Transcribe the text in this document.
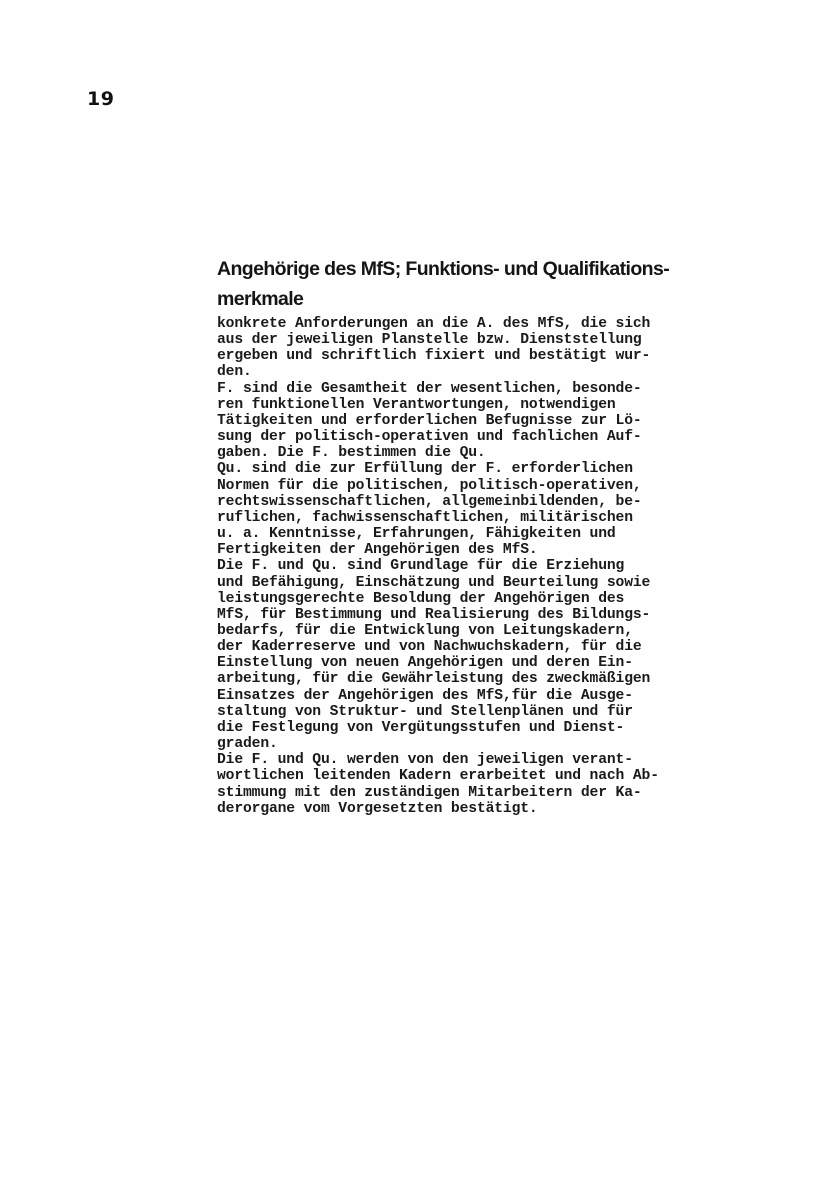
19
Angehörige des MfS; Funktions- und Qualifikations-
merkmale
konkrete Anforderungen an die A. des MfS, die sich
aus der jeweiligen Planstelle bzw. Dienststellung
ergeben und schriftlich fixiert und bestätigt wur-
den.
F. sind die Gesamtheit der wesentlichen, besonde-
ren funktionellen Verantwortungen, notwendigen
Tätigkeiten und erforderlichen Befugnisse zur Lö-
sung der politisch-operativen und fachlichen Auf-
gaben. Die F. bestimmen die Qu.
Qu. sind die zur Erfüllung der F. erforderlichen
Normen für die politischen, politisch-operativen,
rechtswissenschaftlichen, allgemeinbildenden, be-
ruflichen, fachwissenschaftlichen, militärischen
u. a. Kenntnisse, Erfahrungen, Fähigkeiten und
Fertigkeiten der Angehörigen des MfS.
Die F. und Qu. sind Grundlage für die Erziehung
und Befähigung, Einschätzung und Beurteilung sowie
leistungsgerechte Besoldung der Angehörigen des
MfS, für Bestimmung und Realisierung des Bildungs-
bedarfs, für die Entwicklung von Leitungskadern,
der Kaderreserve und von Nachwuchskadern, für die
Einstellung von neuen Angehörigen und deren Ein-
arbeitung, für die Gewährleistung des zweckmäßigen
Einsatzes der Angehörigen des MfS,für die Ausge-
staltung von Struktur- und Stellenplänen und für
die Festlegung von Vergütungsstufen und Dienst-
graden.
Die F. und Qu. werden von den jeweiligen verant-
wortlichen leitenden Kadern erarbeitet und nach Ab-
stimmung mit den zuständigen Mitarbeitern der Ka-
derorgane vom Vorgesetzten bestätigt.
